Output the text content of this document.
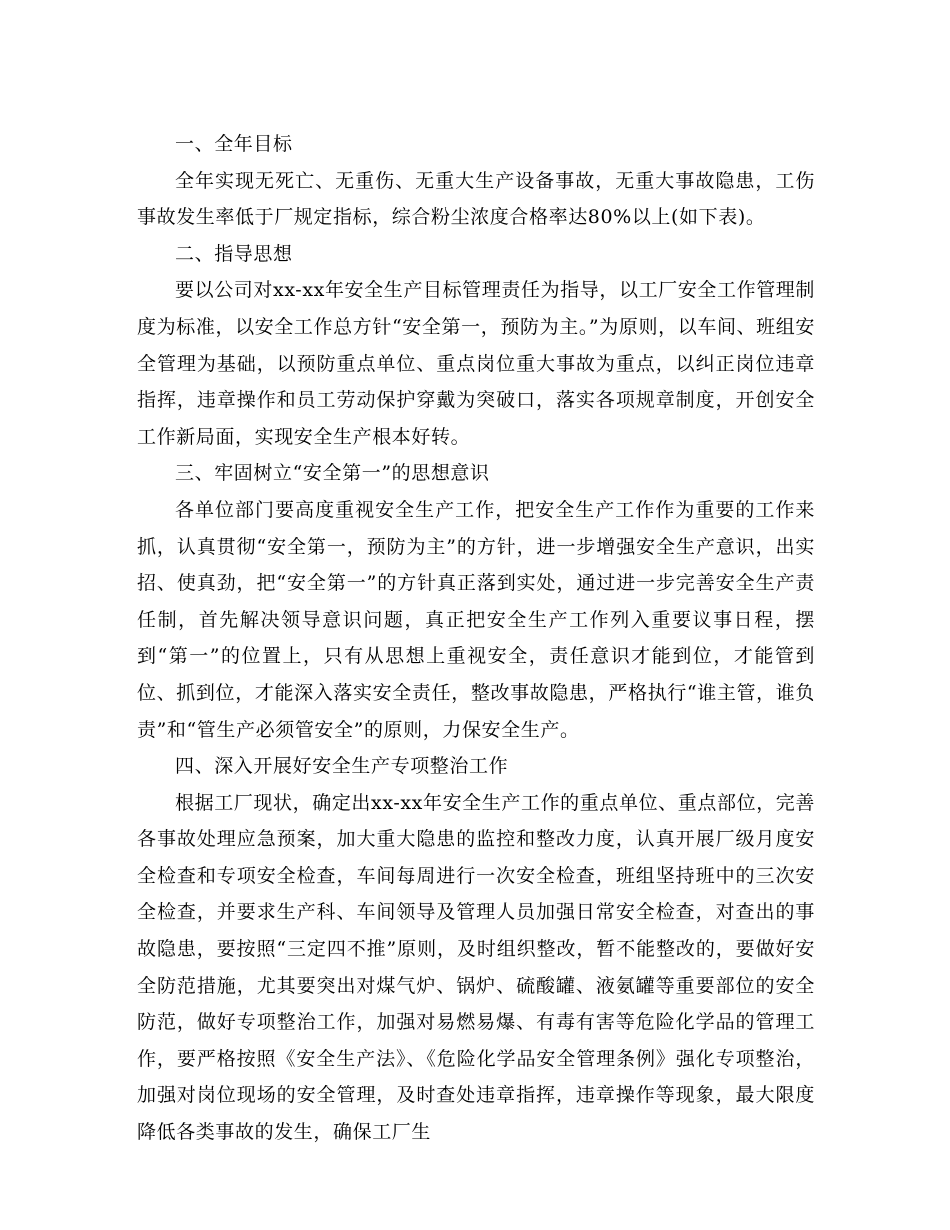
一、全年目标

全年实现无死亡、无重伤、无重大生产设备事故，无重大事故隐患，工伤事故发生率低于厂规定指标，综合粉尘浓度合格率达80%以上(如下表)。

二、指导思想

要以公司对xx-xx年安全生产目标管理责任为指导，以工厂安全工作管理制度为标准，以安全工作总方针“安全第一，预防为主。”为原则，以车间、班组安全管理为基础，以预防重点单位、重点岗位重大事故为重点，以纠正岗位违章指挥，违章操作和员工劳动保护穿戴为突破口，落实各项规章制度，开创安全工作新局面，实现安全生产根本好转。

三、牢固树立“安全第一”的思想意识

各单位部门要高度重视安全生产工作，把安全生产工作作为重要的工作来抓，认真贯彻“安全第一，预防为主”的方针，进一步增强安全生产意识，出实招、使真劲，把“安全第一”的方针真正落到实处，通过进一步完善安全生产责任制，首先解决领导意识问题，真正把安全生产工作列入重要议事日程，摆到“第一”的位置上，只有从思想上重视安全，责任意识才能到位，才能管到位、抓到位，才能深入落实安全责任，整改事故隐患，严格执行“谁主管，谁负责”和“管生产必须管安全”的原则，力保安全生产。

四、深入开展好安全生产专项整治工作

根据工厂现状，确定出xx-xx年安全生产工作的重点单位、重点部位，完善各事故处理应急预案，加大重大隐患的监控和整改力度，认真开展厂级月度安全检查和专项安全检查，车间每周进行一次安全检查，班组坚持班中的三次安全检查，并要求生产科、车间领导及管理人员加强日常安全检查，对查出的事故隐患，要按照“三定四不推”原则，及时组织整改，暂不能整改的，要做好安全防范措施，尤其要突出对煤气炉、锅炉、硫酸罐、液氨罐等重要部位的安全防范，做好专项整治工作，加强对易燃易爆、有毒有害等危险化学品的管理工作，要严格按照《安全生产法》、《危险化学品安全管理条例》强化专项整治，加强对岗位现场的安全管理，及时查处违章指挥，违章操作等现象，最大限度降低各类事故的发生，确保工厂生
